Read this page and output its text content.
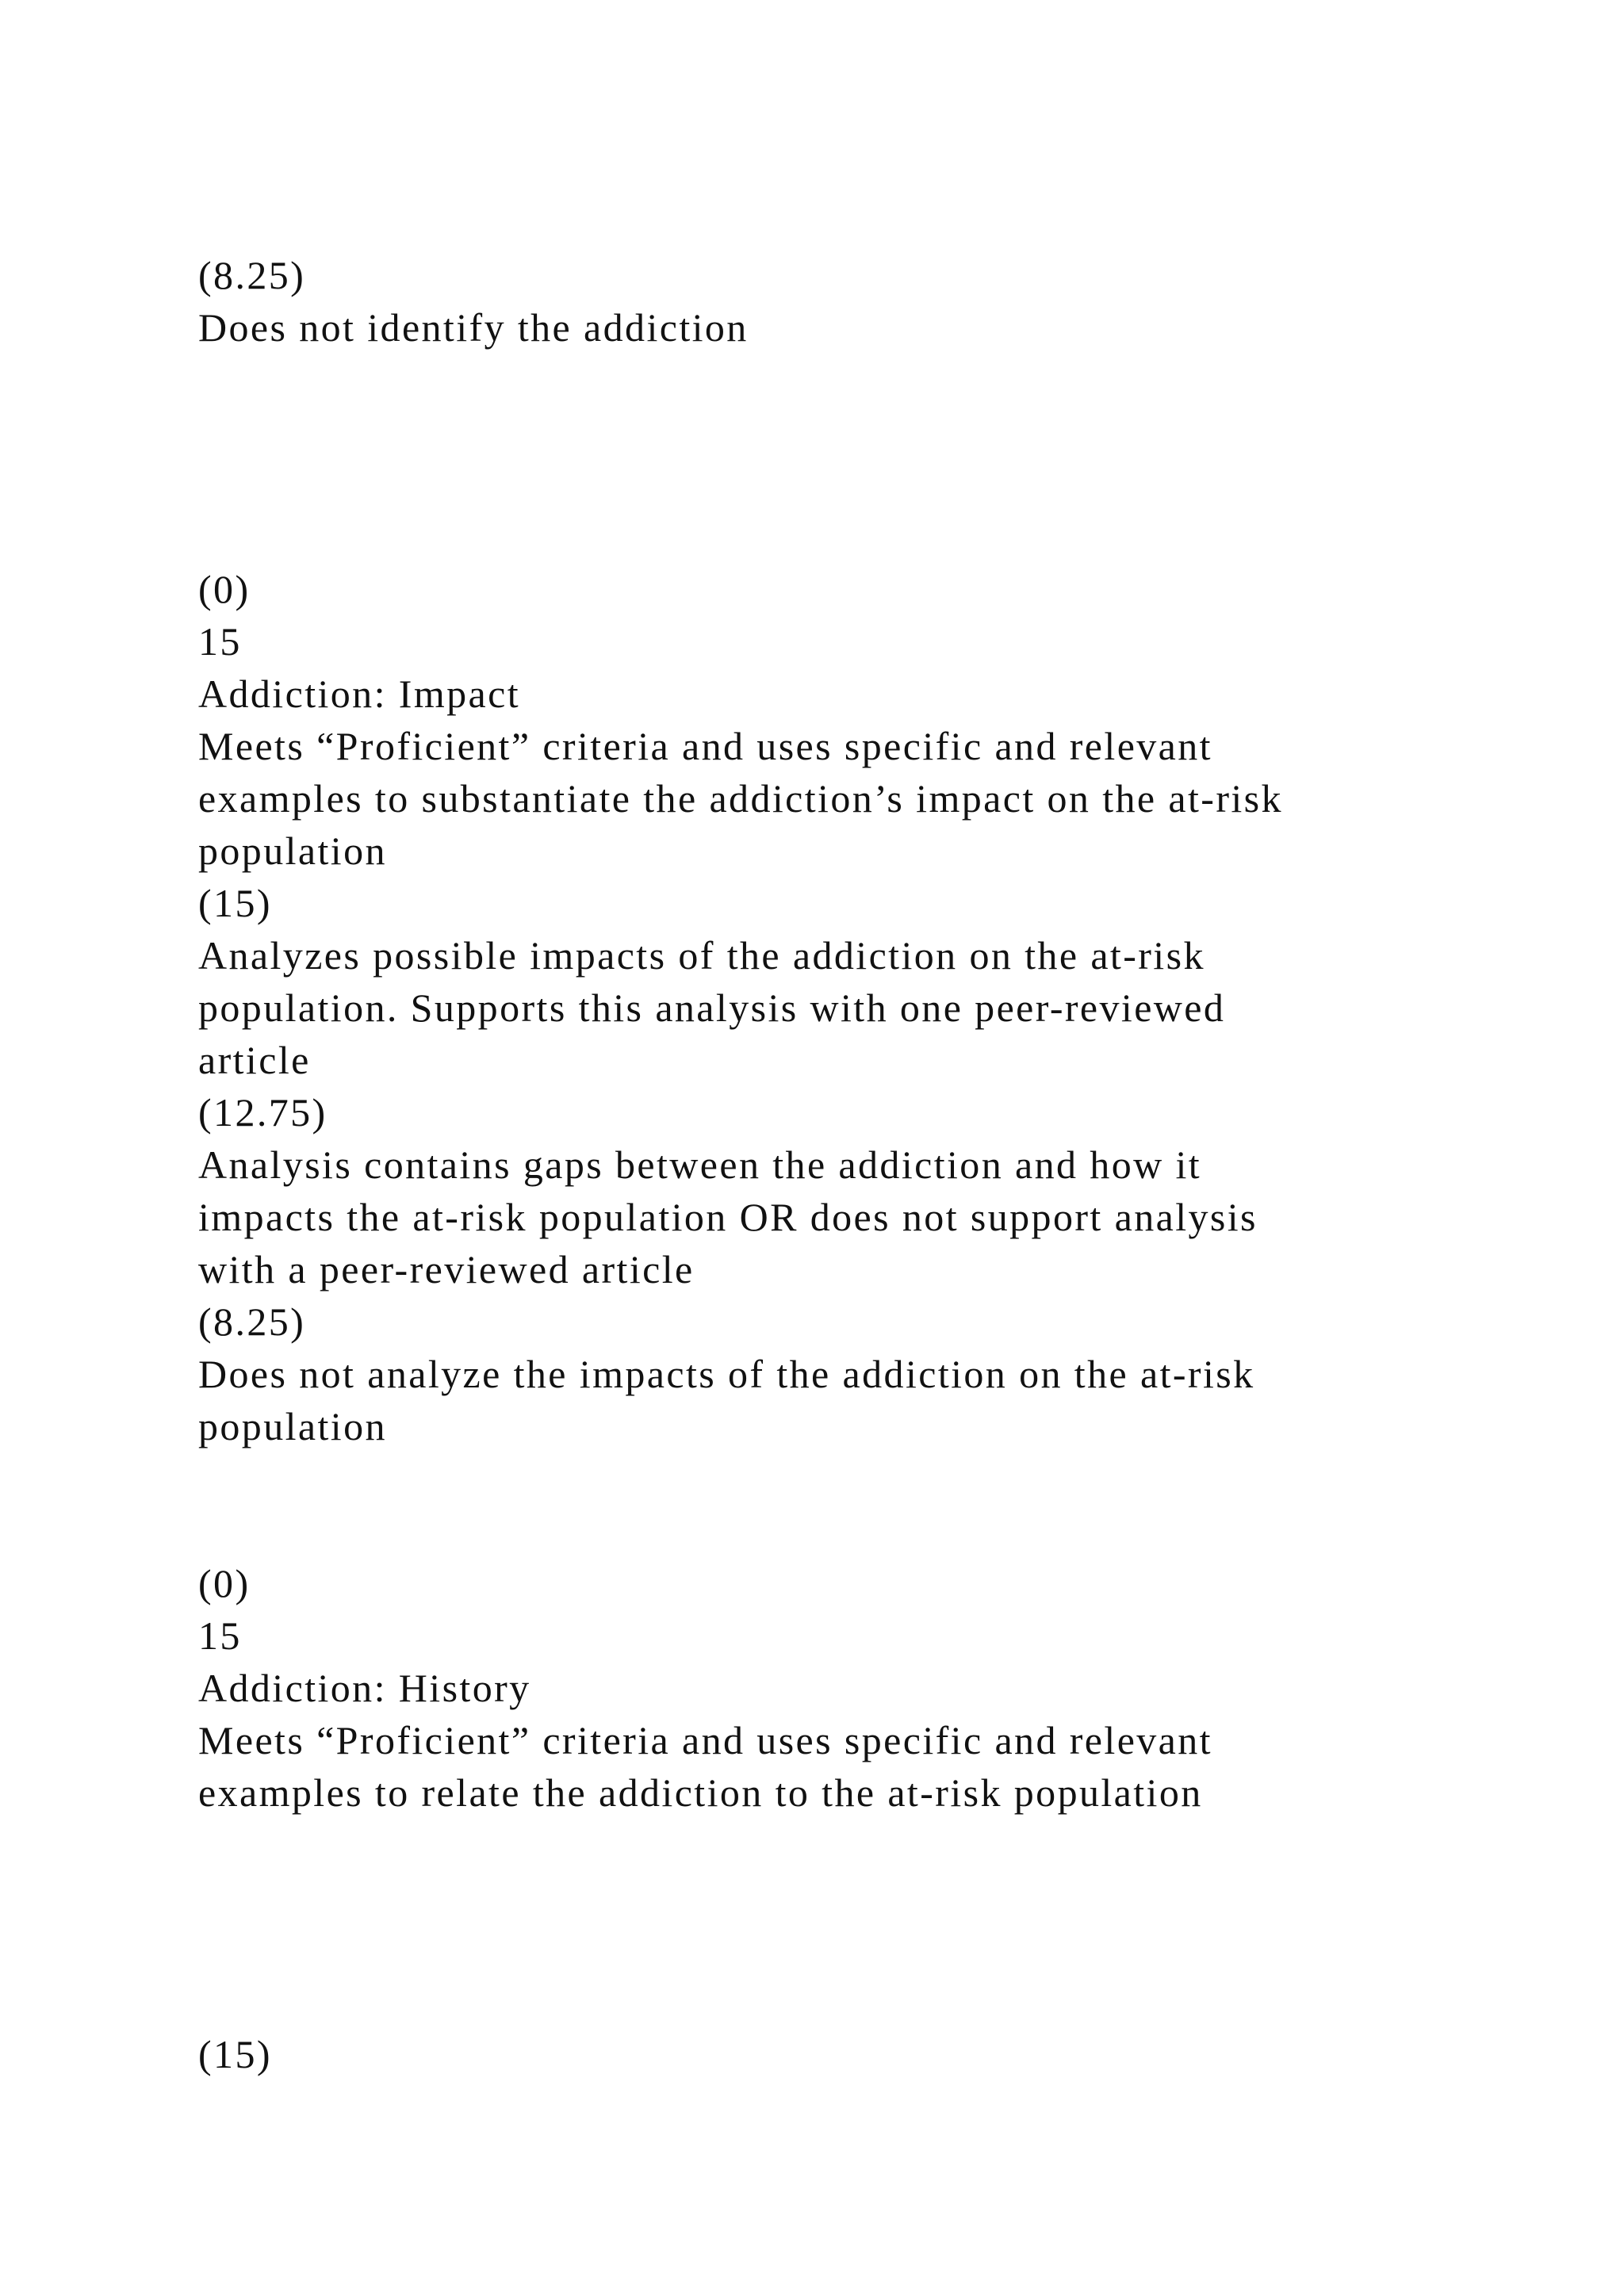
(8.25)

Does not identify the addiction

(0)

15

Addiction: Impact

Meets “Proficient” criteria and uses specific and relevant

examples to substantiate the addiction’s impact on the at-risk

population

(15)

Analyzes possible impacts of the addiction on the at-risk

population. Supports this analysis with one peer-reviewed

article

(12.75)

Analysis contains gaps between the addiction and how it

impacts the at-risk population OR does not support analysis

with a peer-reviewed article

(8.25)

Does not analyze the impacts of the addiction on the at-risk

population

(0)

15

Addiction: History

Meets “Proficient” criteria and uses specific and relevant

examples to relate the addiction to the at-risk population

(15)
